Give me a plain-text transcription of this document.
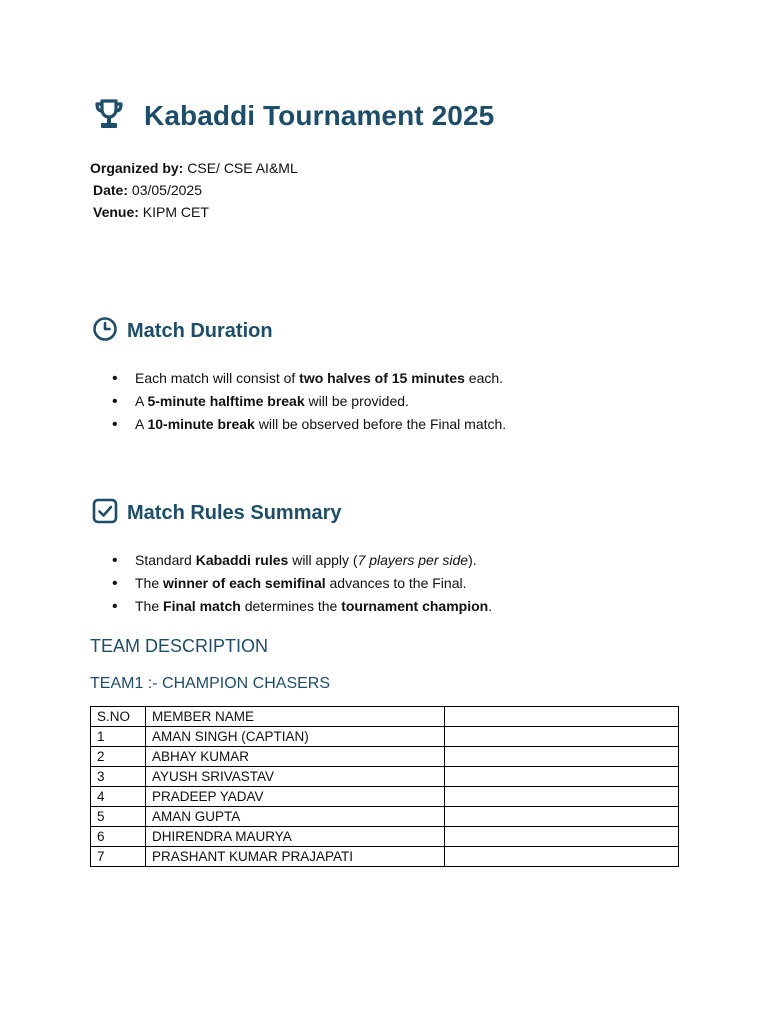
Kabaddi Tournament 2025
Organized by: CSE/ CSE AI&ML
Date: 03/05/2025
Venue: KIPM CET
Match Duration
• Each match will consist of two halves of 15 minutes each.
• A 5-minute halftime break will be provided.
• A 10-minute break will be observed before the Final match.
Match Rules Summary
• Standard Kabaddi rules will apply (7 players per side).
• The winner of each semifinal advances to the Final.
• The Final match determines the tournament champion.
TEAM DESCRIPTION
TEAM1 :- CHAMPION CHASERS
S.NO	MEMBER NAME	
1	AMAN SINGH (CAPTIAN)	
2	ABHAY KUMAR	
3	AYUSH SRIVASTAV	
4	PRADEEP YADAV	
5	AMAN GUPTA	
6	DHIRENDRA MAURYA	
7	PRASHANT KUMAR PRAJAPATI	
